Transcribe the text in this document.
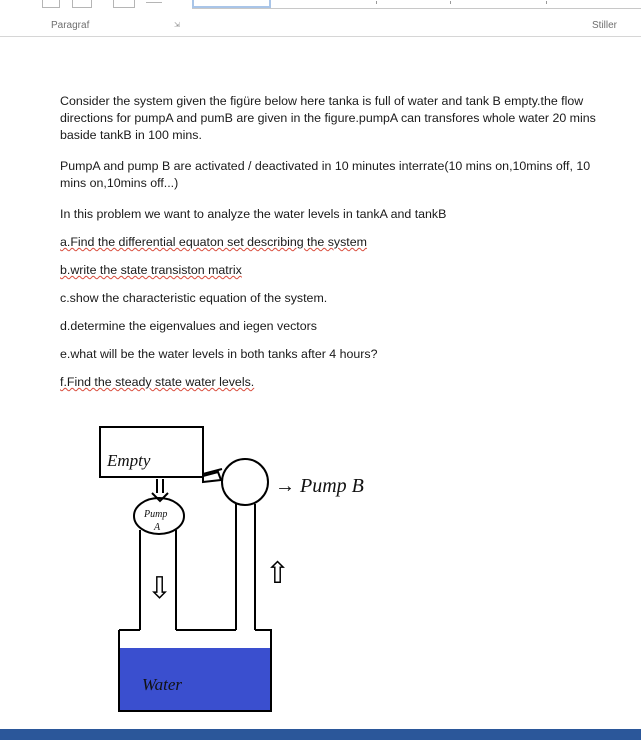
Paragraf	⇲	Stiller

Consider the system given the figüre below here tanka is full of water and tank B empty.the flow directions for pumpA and pumB are given in the figure.pumpA can transfores whole water 20 mins baside tankB in 100 mins.

PumpA and pump B are activated / deactivated in 10 minutes interrate(10 mins on,10mins off, 10 mins on,10mins off...)

In this problem we want to analyze the water levels in tankA and tankB

a.Find the differential equaton set describing the system

b.write the state transiston matrix

c.show the characteristic equation of the system.

d.determine the eigenvalues and iegen vectors

e.what will be the water levels in both tanks after 4 hours?

f.Find the steady state water levels.

Empty
Pump
A
⇩
→ Pump B
⇧
Water
